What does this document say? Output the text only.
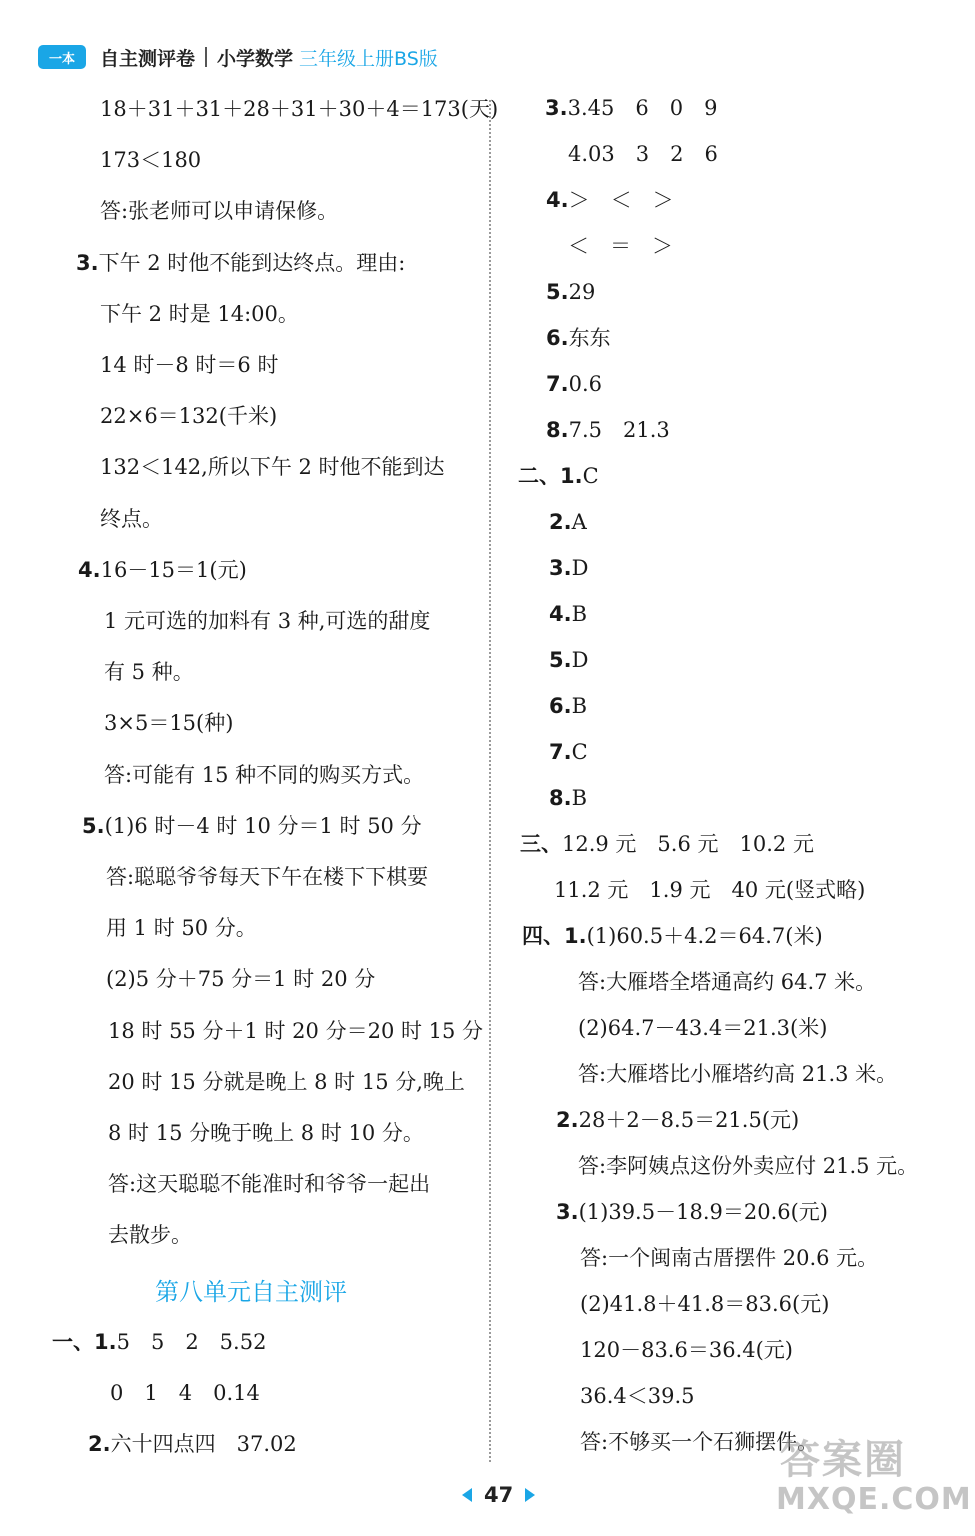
一本 自主测评卷 小学数学 三年级上册BS版
18＋31＋31＋28＋31＋30＋4＝173(天)
173＜180
答:张老师可以申请保修。
3.下午 2 时他不能到达终点。理由:
下午 2 时是 14:00。
14 时－8 时＝6 时
22×6＝132(千米)
132＜142,所以下午 2 时他不能到达
终点。
4.16－15＝1(元)
1 元可选的加料有 3 种,可选的甜度
有 5 种。
3×5＝15(种)
答:可能有 15 种不同的购买方式。
5.(1)6 时－4 时 10 分＝1 时 50 分
答:聪聪爷爷每天下午在楼下下棋要
用 1 时 50 分。
(2)5 分＋75 分＝1 时 20 分
18 时 55 分＋1 时 20 分＝20 时 15 分
20 时 15 分就是晚上 8 时 15 分,晚上
8 时 15 分晚于晚上 8 时 10 分。
答:这天聪聪不能准时和爷爷一起出
去散步。
第八单元自主测评
一、1.5　5　2　5.52
0　1　4　0.14
2.六十四点四　37.02
3.3.45　6　0　9
4.03　3　2　6
4.＞　＜　＞
＜　＝　＞
5.29
6.东东
7.0.6
8.7.5　21.3
二、1.C
2.A
3.D
4.B
5.D
6.B
7.C
8.B
三、12.9 元　5.6 元　10.2 元
11.2 元　1.9 元　40 元(竖式略)
四、1.(1)60.5＋4.2＝64.7(米)
答:大雁塔全塔通高约 64.7 米。
(2)64.7－43.4＝21.3(米)
答:大雁塔比小雁塔约高 21.3 米。
2.28＋2－8.5＝21.5(元)
答:李阿姨点这份外卖应付 21.5 元。
3.(1)39.5－18.9＝20.6(元)
答:一个闽南古厝摆件 20.6 元。
(2)41.8＋41.8＝83.6(元)
120－83.6＝36.4(元)
36.4＜39.5
答:不够买一个石狮摆件。
47
答案圈
MXQE.COM
